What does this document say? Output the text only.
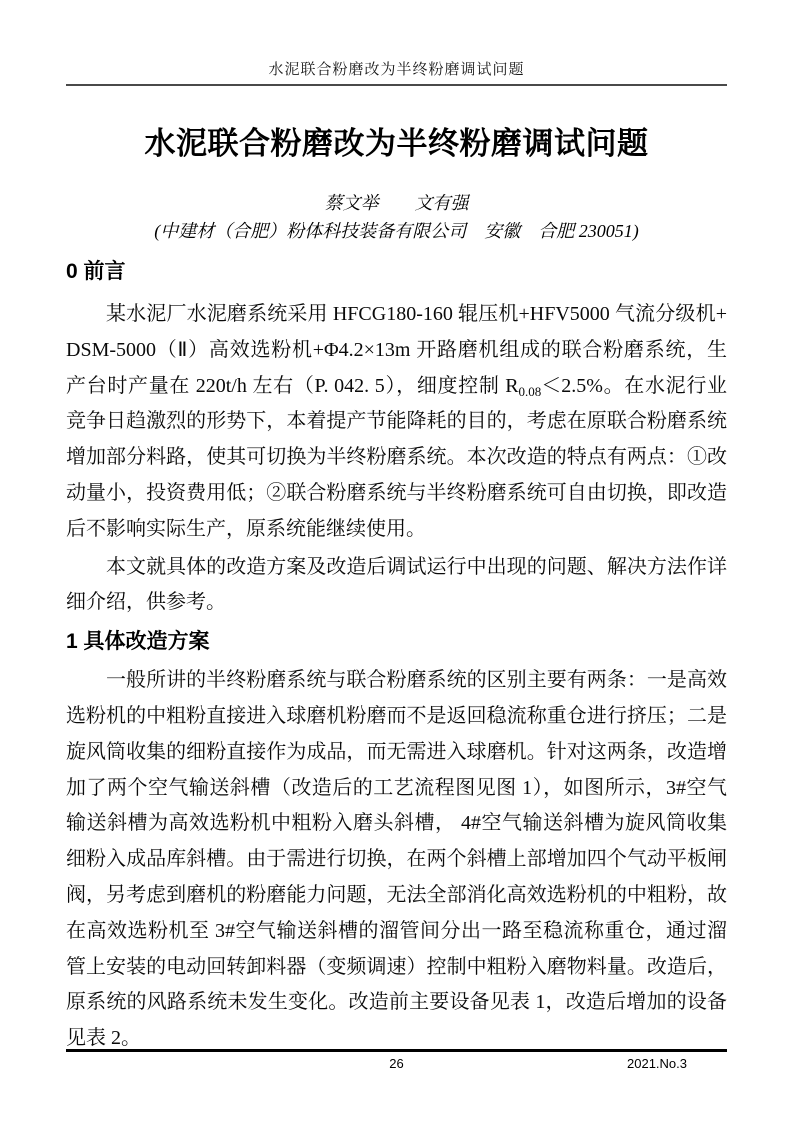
水泥联合粉磨改为半终粉磨调试问题
水泥联合粉磨改为半终粉磨调试问题
蔡文举　　文有强
(中建材（合肥）粉体科技装备有限公司　安徽　合肥 230051)
0 前言

某水泥厂水泥磨系统采用 HFCG180-160 辊压机+HFV5000 气流分级机+ DSM-5000（Ⅱ）高效选粉机+Φ4.2×13m 开路磨机组成的联合粉磨系统，生产台时产量在 220t/h 左右（P. 042. 5），细度控制 $R_{0.08}<2.5\%$。在水泥行业竞争日趋激烈的形势下，本着提产节能降耗的目的，考虑在原联合粉磨系统增加部分料路，使其可切换为半终粉磨系统。本次改造的特点有两点：①改动量小，投资费用低；②联合粉磨系统与半终粉磨系统可自由切换，即改造后不影响实际生产，原系统能继续使用。

本文就具体的改造方案及改造后调试运行中出现的问题、解决方法作详细介绍，供参考。

1 具体改造方案

一般所讲的半终粉磨系统与联合粉磨系统的区别主要有两条：一是高效选粉机的中粗粉直接进入球磨机粉磨而不是返回稳流称重仓进行挤压；二是旋风筒收集的细粉直接作为成品，而无需进入球磨机。针对这两条，改造增加了两个空气输送斜槽（改造后的工艺流程图见图 1），如图所示，3#空气输送斜槽为高效选粉机中粗粉入磨头斜槽， 4#空气输送斜槽为旋风筒收集细粉入成品库斜槽。由于需进行切换，在两个斜槽上部增加四个气动平板闸阀，另考虑到磨机的粉磨能力问题，无法全部消化高效选粉机的中粗粉，故在高效选粉机至 3#空气输送斜槽的溜管间分出一路至稳流称重仓，通过溜管上安装的电动回转卸料器（变频调速）控制中粗粉入磨物料量。改造后，原系统的风路系统未发生变化。改造前主要设备见表 1，改造后增加的设备见表 2。

26	2021.No.3
